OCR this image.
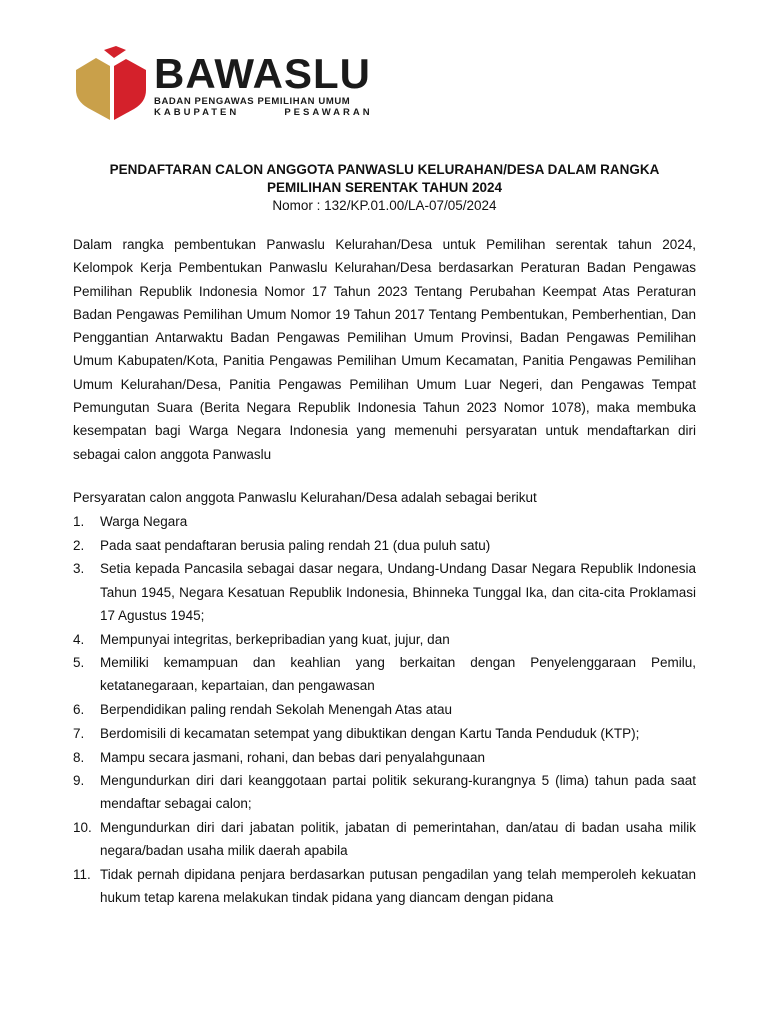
BAWASLU
BADAN PENGAWAS PEMILIHAN UMUM
KABUPATEN        PESAWARAN
PENDAFTARAN CALON ANGGOTA PANWASLU KELURAHAN/DESA DALAM RANGKA
PEMILIHAN SERENTAK TAHUN 2024
Nomor : 132/KP.01.00/LA-07/05/2024

Dalam rangka pembentukan Panwaslu Kelurahan/Desa untuk Pemilihan serentak tahun 2024, Kelompok Kerja Pembentukan Panwaslu Kelurahan/Desa berdasarkan Peraturan Badan Pengawas Pemilihan Republik Indonesia Nomor 17 Tahun 2023 Tentang Perubahan Keempat Atas Peraturan Badan Pengawas Pemilihan Umum Nomor 19 Tahun 2017 Tentang Pembentukan, Pemberhentian, Dan Penggantian Antarwaktu Badan Pengawas Pemilihan Umum Provinsi, Badan Pengawas Pemilihan Umum Kabupaten/Kota, Panitia Pengawas Pemilihan Umum Kecamatan, Panitia Pengawas Pemilihan Umum Kelurahan/Desa, Panitia Pengawas Pemilihan Umum Luar Negeri, dan Pengawas Tempat Pemungutan Suara (Berita Negara Republik Indonesia Tahun 2023 Nomor 1078), maka membuka kesempatan bagi Warga Negara Indonesia yang memenuhi persyaratan untuk mendaftarkan diri sebagai calon anggota Panwaslu

Persyaratan calon anggota Panwaslu Kelurahan/Desa adalah sebagai berikut
1. Warga Negara
2. Pada saat pendaftaran berusia paling rendah 21 (dua puluh satu)
3. Setia kepada Pancasila sebagai dasar negara, Undang-Undang Dasar Negara Republik Indonesia Tahun 1945, Negara Kesatuan Republik Indonesia, Bhinneka Tunggal Ika, dan cita-cita Proklamasi 17 Agustus 1945;
4. Mempunyai integritas, berkepribadian yang kuat, jujur, dan
5. Memiliki kemampuan dan keahlian yang berkaitan dengan Penyelenggaraan Pemilu, ketatanegaraan, kepartaian, dan pengawasan
6. Berpendidikan paling rendah Sekolah Menengah Atas atau
7. Berdomisili di kecamatan setempat yang dibuktikan dengan Kartu Tanda Penduduk (KTP);
8. Mampu secara jasmani, rohani, dan bebas dari penyalahgunaan
9. Mengundurkan diri dari keanggotaan partai politik sekurang-kurangnya 5 (lima) tahun pada saat mendaftar sebagai calon;
10. Mengundurkan diri dari jabatan politik, jabatan di pemerintahan, dan/atau di badan usaha milik negara/badan usaha milik daerah apabila
11. Tidak pernah dipidana penjara berdasarkan putusan pengadilan yang telah memperoleh kekuatan hukum tetap karena melakukan tindak pidana yang diancam dengan pidana
